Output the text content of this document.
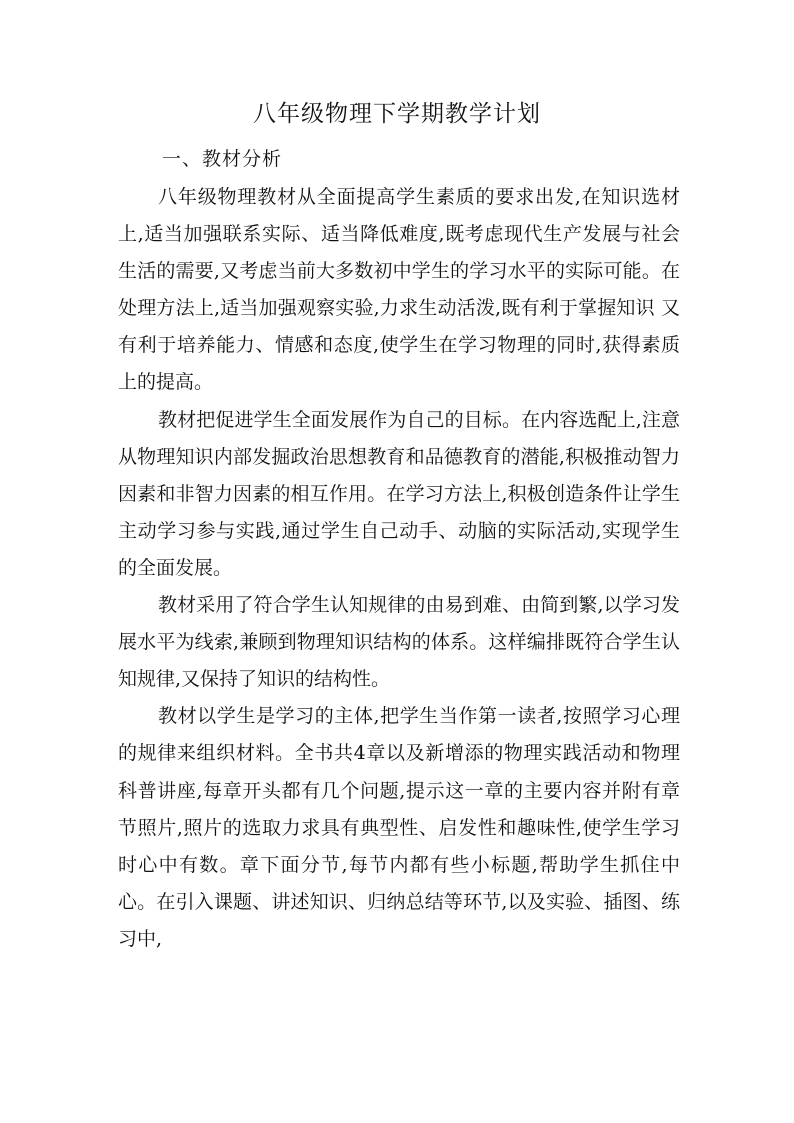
八年级物理下学期教学计划
一、教材分析

八年级物理教材从全面提高学生素质的要求出发,在知识选材上,适当加强联系实际、适当降低难度,既考虑现代生产发展与社会生活的需要,又考虑当前大多数初中学生的学习水平的实际可能。在处理方法上,适当加强观察实验,力求生动活泼,既有利于掌握知识 又有利于培养能力、情感和态度,使学生在学习物理的同时,获得素质上的提高。

教材把促进学生全面发展作为自己的目标。在内容选配上,注意从物理知识内部发掘政治思想教育和品德教育的潜能,积极推动智力因素和非智力因素的相互作用。在学习方法上,积极创造条件让学生主动学习参与实践,通过学生自己动手、动脑的实际活动,实现学生的全面发展。

教材采用了符合学生认知规律的由易到难、由简到繁,以学习发展水平为线索,兼顾到物理知识结构的体系。这样编排既符合学生认知规律,又保持了知识的结构性。

教材以学生是学习的主体,把学生当作第一读者,按照学习心理的规律来组织材料。全书共4章以及新增添的物理实践活动和物理科普讲座,每章开头都有几个问题,提示这一章的主要内容并附有章节照片,照片的选取力求具有典型性、启发性和趣味性,使学生学习时心中有数。章下面分节,每节内都有些小标题,帮助学生抓住中心。在引入课题、讲述知识、归纳总结等环节,以及实验、插图、练习中,
